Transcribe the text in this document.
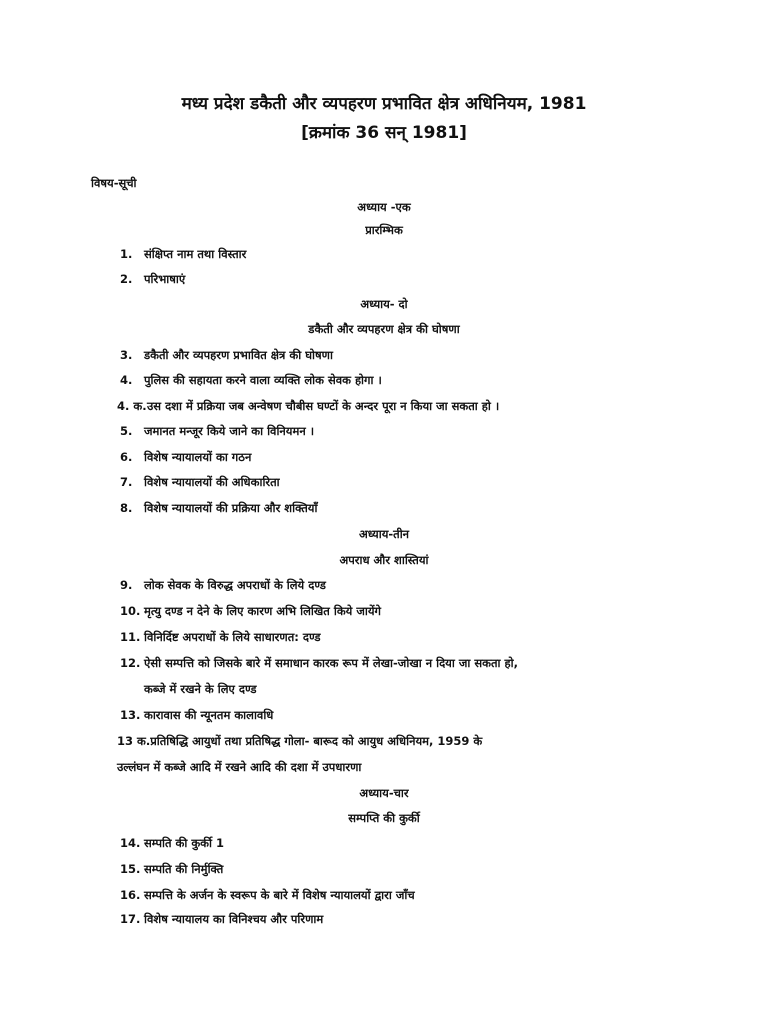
मध्य प्रदेश डकैती और व्यपहरण प्रभावित क्षेत्र अधिनियम, 1981
[क्रमांक 36 सन् 1981]
विषय-सूची
अध्याय -एक
प्रारम्भिक
1.	संक्षिप्त नाम तथा विस्तार
2.	परिभाषाएं
अध्याय- दो
डकैती और व्यपहरण क्षेत्र की घोषणा
3.	डकैती और व्यपहरण प्रभावित क्षेत्र की घोषणा
4.	पुलिस की सहायता करने वाला व्यक्ति लोक सेवक होगा ।
4. क. उस दशा में प्रक्रिया जब अन्वेषण चौबीस घण्टों के अन्दर पूरा न किया जा सकता हो ।
5.	जमानत मन्जूर किये जाने का विनियमन ।
6.	विशेष न्यायालयों का गठन
7.	विशेष न्यायालयों की अधिकारिता
8.	विशेष न्यायालयों की प्रक्रिया और शक्तियाँ
अध्याय-तीन
अपराध और शास्तियां
9.	लोक सेवक के विरुद्ध अपराधों के लिये दण्ड
10. मृत्यु दण्ड न देने के लिए कारण अभि लिखित किये जायेंगे
11. विनिर्दिष्ट अपराधों के लिये साधारणत: दण्ड
12. ऐसी सम्पत्ति को जिसके बारे में समाधान कारक रूप में लेखा-जोखा न दिया जा सकता हो,
कब्जे में रखने के लिए दण्ड
13. कारावास की न्यूनतम कालावधि
13 क. प्रतिषिद्धि आयुधों तथा प्रतिषिद्ध गोला- बारूद को आयुध अधिनियम, 1959 के
उल्लंघन में कब्जे आदि में रखने आदि की दशा में उपधारणा
अध्याय-चार
सम्पप्ति की कुर्की
14. सम्पति की कुर्की 1
15. सम्पति की निर्मुक्ति
16. सम्पत्ति के अर्जन के स्वरूप के बारे में विशेष न्यायालयों द्वारा जाँच
17. विशेष न्यायालय का विनिश्चय और परिणाम
